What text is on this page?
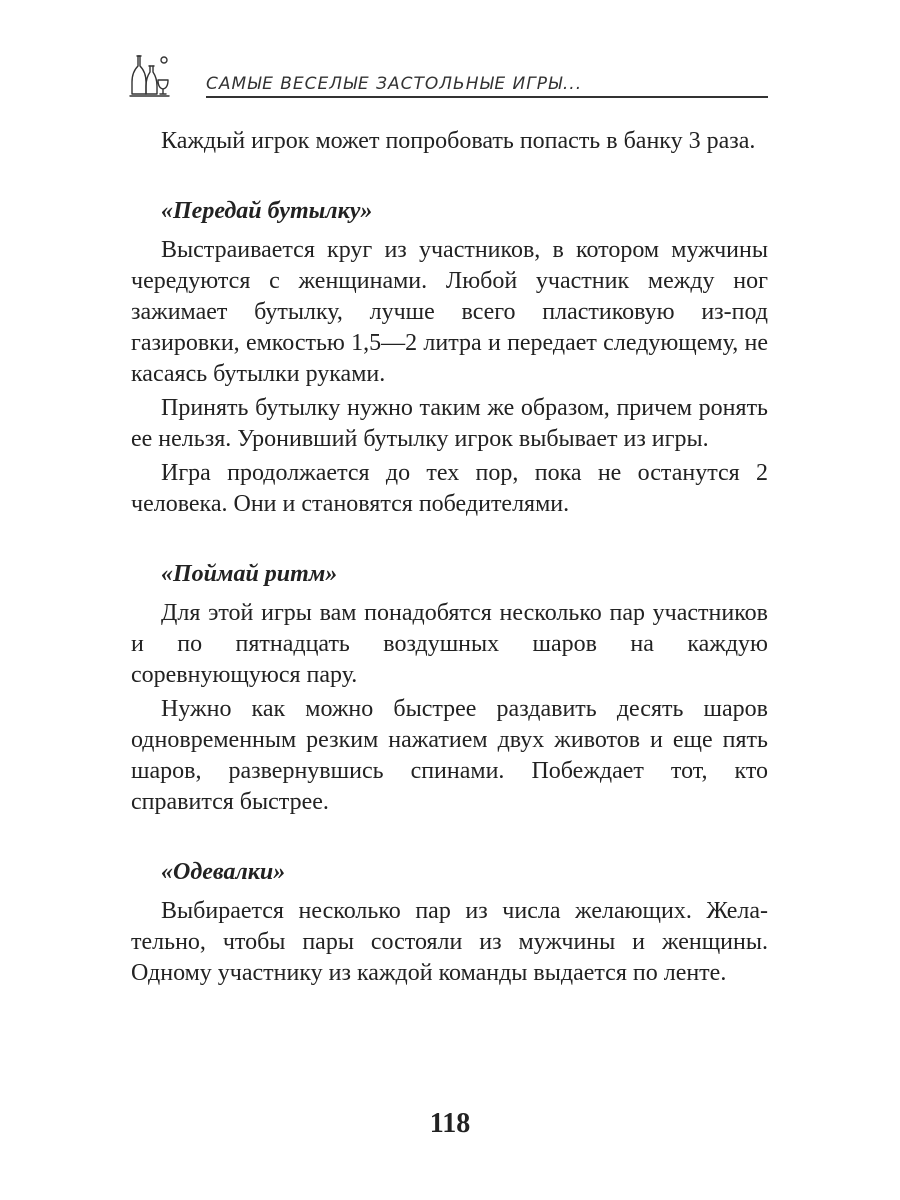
САМЫЕ ВЕСЕЛЫЕ ЗАСТОЛЬНЫЕ ИГРЫ...

Каждый игрок может попробовать попасть в банку 3 раза.

«Передай бутылку»

Выстраивается круг из участников, в котором мужчины чередуются с женщинами. Любой участник между ног зажимает бутылку, лучше всего пластиковую из-под газировки, емкостью 1,5—2 литра и передает следующему, не касаясь бутылки руками.

Принять бутылку нужно таким же образом, причем ронять ее нельзя. Уронивший бутылку игрок выбывает из игры.

Игра продолжается до тех пор, пока не останутся 2 человека. Они и становятся победителями.

«Поймай ритм»

Для этой игры вам понадобятся несколько пар участников и по пятнадцать воздушных шаров на каждую соревнующуюся пару.

Нужно как можно быстрее раздавить десять шаров одновременным резким нажатием двух животов и еще пять шаров, развернувшись спинами. Побеждает тот, кто справится быстрее.

«Одевалки»

Выбирается несколько пар из числа желающих. Желательно, чтобы пары состояли из мужчины и женщины. Одному участнику из каждой команды выдается по ленте.

118
